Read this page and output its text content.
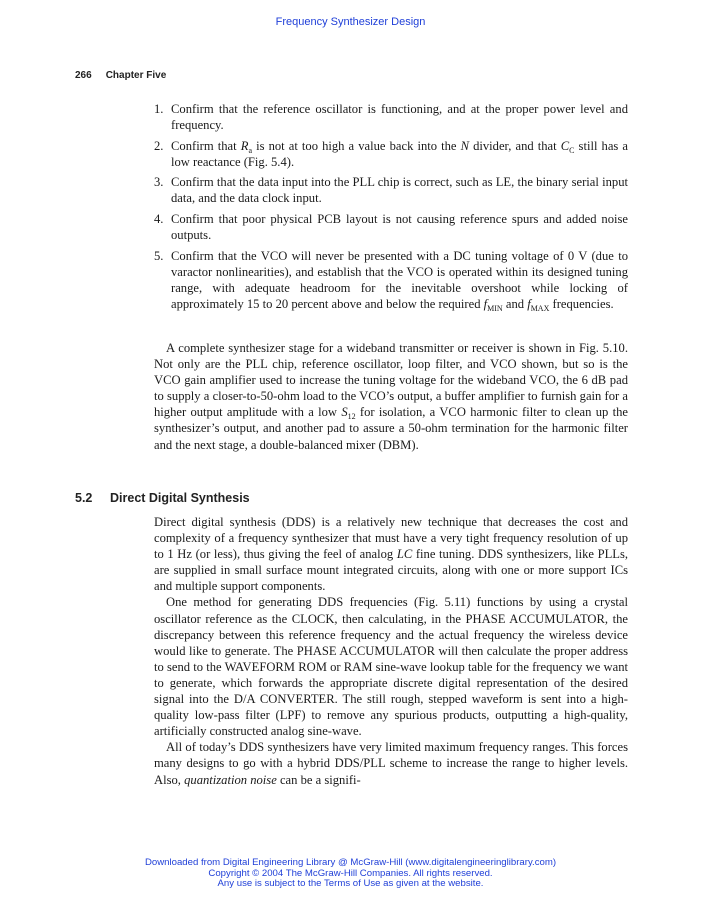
Frequency Synthesizer Design
266 Chapter Five
1. Confirm that the reference oscillator is functioning, and at the proper power level and frequency.
2. Confirm that $R_a$ is not at too high a value back into the N divider, and that $C_C$ still has a low reactance (Fig. 5.4).
3. Confirm that the data input into the PLL chip is correct, such as LE, the binary serial input data, and the data clock input.
4. Confirm that poor physical PCB layout is not causing reference spurs and added noise outputs.
5. Confirm that the VCO will never be presented with a DC tuning voltage of 0 V (due to varactor nonlinearities), and establish that the VCO is operated within its designed tuning range, with adequate headroom for the inevitable overshoot while locking of approximately 15 to 20 percent above and below the required $f_{MIN}$ and $f_{MAX}$ frequencies.

A complete synthesizer stage for a wideband transmitter or receiver is shown in Fig. 5.10. Not only are the PLL chip, reference oscillator, loop filter, and VCO shown, but so is the VCO gain amplifier used to increase the tuning voltage for the wideband VCO, the 6 dB pad to supply a closer-to-50-ohm load to the VCO’s output, a buffer amplifier to furnish gain for a higher output amplitude with a low $S_{12}$ for isolation, a VCO harmonic filter to clean up the synthesizer’s output, and another pad to assure a 50-ohm termination for the harmonic filter and the next stage, a double-balanced mixer (DBM).

5.2 Direct Digital Synthesis

Direct digital synthesis (DDS) is a relatively new technique that decreases the cost and complexity of a frequency synthesizer that must have a very tight frequency resolution of up to 1 Hz (or less), thus giving the feel of analog LC fine tuning. DDS synthesizers, like PLLs, are supplied in small surface mount integrated circuits, along with one or more support ICs and multiple support components.

One method for generating DDS frequencies (Fig. 5.11) functions by using a crystal oscillator reference as the CLOCK, then calculating, in the PHASE ACCUMULATOR, the discrepancy between this reference frequency and the actual frequency the wireless device would like to generate. The PHASE ACCUMULATOR will then calculate the proper address to send to the WAVEFORM ROM or RAM sine-wave lookup table for the frequency we want to generate, which forwards the appropriate discrete digital representation of the desired signal into the D/A CONVERTER. The still rough, stepped waveform is sent into a high-quality low-pass filter (LPF) to remove any spurious products, outputting a high-quality, artificially constructed analog sine-wave.

All of today’s DDS synthesizers have very limited maximum frequency ranges. This forces many designs to go with a hybrid DDS/PLL scheme to increase the range to higher levels. Also, quantization noise can be a signifi-

Downloaded from Digital Engineering Library @ McGraw-Hill (www.digitalengineeringlibrary.com)
Copyright © 2004 The McGraw-Hill Companies. All rights reserved.
Any use is subject to the Terms of Use as given at the website.
